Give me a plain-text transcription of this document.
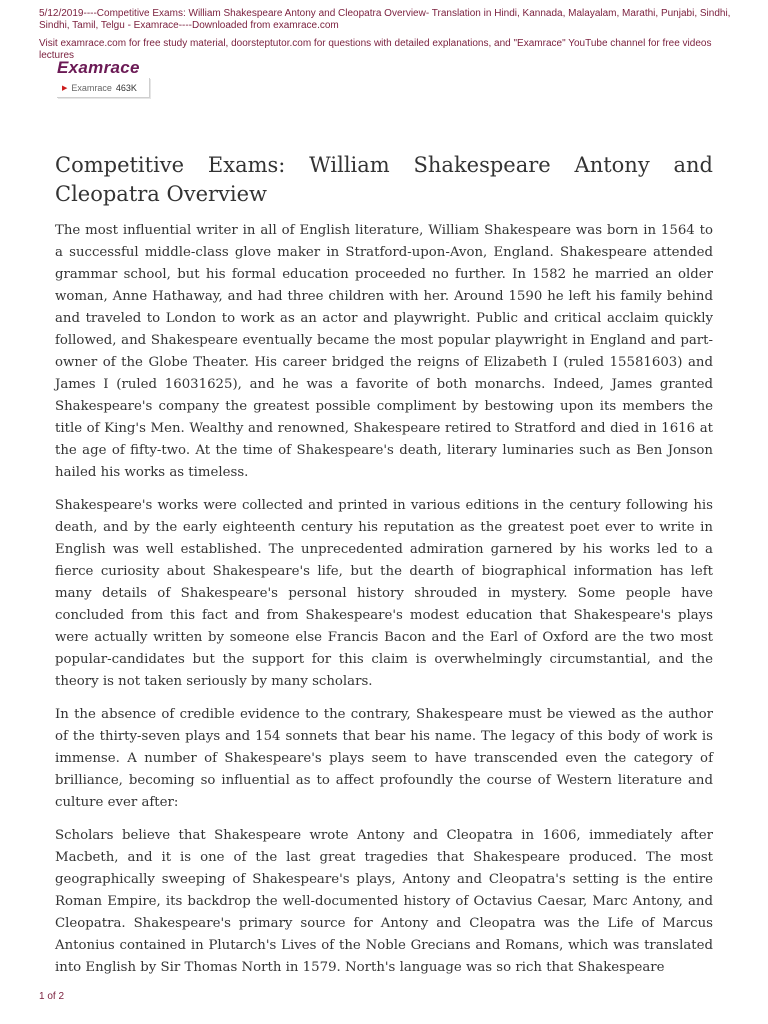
5/12/2019----Competitive Exams: William Shakespeare Antony and Cleopatra Overview- Translation in Hindi, Kannada, Malayalam, Marathi, Punjabi, Sindhi, Sindhi, Tamil, Telgu - Examrace----Downloaded from examrace.com
Visit examrace.com for free study material, doorsteptutor.com for questions with detailed explanations, and "Examrace" YouTube channel for free videos lectures
Examrace
▶ Examrace 463K
Competitive Exams: William Shakespeare Antony and Cleopatra Overview

The most influential writer in all of English literature, William Shakespeare was born in 1564 to a successful middle-class glove maker in Stratford-upon-Avon, England. Shakespeare attended grammar school, but his formal education proceeded no further. In 1582 he married an older woman, Anne Hathaway, and had three children with her. Around 1590 he left his family behind and traveled to London to work as an actor and playwright. Public and critical acclaim quickly followed, and Shakespeare eventually became the most popular playwright in England and part-owner of the Globe Theater. His career bridged the reigns of Elizabeth I (ruled 15581603) and James I (ruled 16031625), and he was a favorite of both monarchs. Indeed, James granted Shakespeare's company the greatest possible compliment by bestowing upon its members the title of King's Men. Wealthy and renowned, Shakespeare retired to Stratford and died in 1616 at the age of fifty-two. At the time of Shakespeare's death, literary luminaries such as Ben Jonson hailed his works as timeless.

Shakespeare's works were collected and printed in various editions in the century following his death, and by the early eighteenth century his reputation as the greatest poet ever to write in English was well established. The unprecedented admiration garnered by his works led to a fierce curiosity about Shakespeare's life, but the dearth of biographical information has left many details of Shakespeare's personal history shrouded in mystery. Some people have concluded from this fact and from Shakespeare's modest education that Shakespeare's plays were actually written by someone else Francis Bacon and the Earl of Oxford are the two most popular-candidates but the support for this claim is overwhelmingly circumstantial, and the theory is not taken seriously by many scholars.

In the absence of credible evidence to the contrary, Shakespeare must be viewed as the author of the thirty-seven plays and 154 sonnets that bear his name. The legacy of this body of work is immense. A number of Shakespeare's plays seem to have transcended even the category of brilliance, becoming so influential as to affect profoundly the course of Western literature and culture ever after:

Scholars believe that Shakespeare wrote Antony and Cleopatra in 1606, immediately after Macbeth, and it is one of the last great tragedies that Shakespeare produced. The most geographically sweeping of Shakespeare's plays, Antony and Cleopatra's setting is the entire Roman Empire, its backdrop the well-documented history of Octavius Caesar, Marc Antony, and Cleopatra. Shakespeare's primary source for Antony and Cleopatra was the Life of Marcus Antonius contained in Plutarch's Lives of the Noble Grecians and Romans, which was translated into English by Sir Thomas North in 1579. North's language was so rich that Shakespeare

1 of 2
